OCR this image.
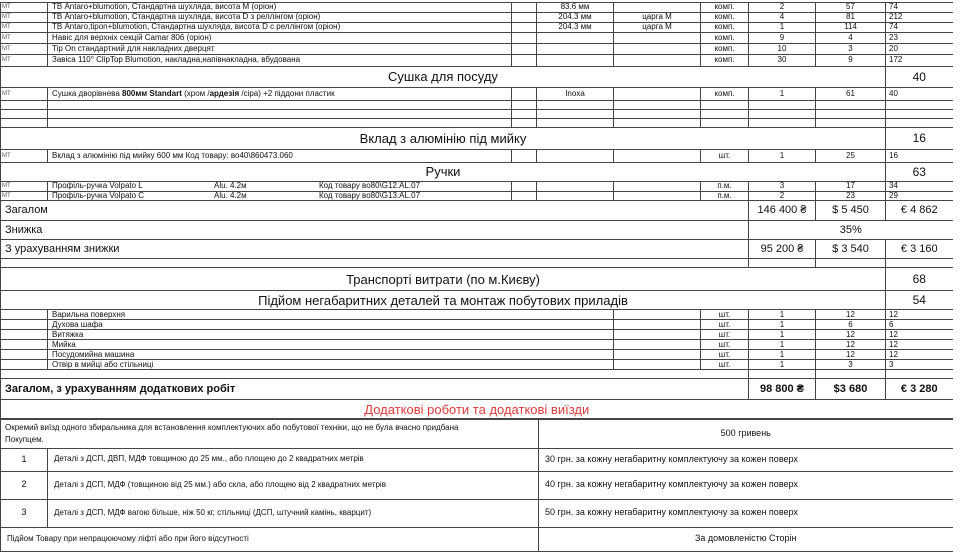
МТ	ТВ Antaro+blumotion, Стандартна шухляда, висота М (оріон)		83.6 мм		комп.	2	57	74
МТ	ТВ Antaro+blumotion, Стандартна шухляда, висота D з реллінгом (оріон)		204.3 мм	царга М	комп.	4	81	212
МТ	ТВ Antaro,tipon+blumotion, Стандартна шухляда, висота D с реллінгом (оріон)		204.3 мм	царга М	комп.	1	114	74
МТ	Навіс для верхніх секцій Camar 806 (оріон)				комп.	9	4	23
МТ	Tip On стандартний для накладних дверцят				комп.	10	3	20
МТ	Завіса 110° ClipTop Blumotion, накладна,напівнакладна, вбудована				комп.	30	9	172
Сушка для посуду								40
МТ	Сушка дворівнева 800мм Standart (хром /ардезія /сіра) +2 піддони пластик		Inoxa		комп.	1	61	40

Вклад з алюмінію під мийку								16
МТ	Вклад з алюмінію під мийку 600 мм Код товару: во40\860473.060				шт.	1	25	16
Ручки								63
МТ	Профіль-ручка Volpato L Alu. 4.2м Код товару во80\G12.AL.07				п.м.	3	17	34
МТ	Профіль-ручка Volpato C Alu. 4.2м Код товару во80\G13.AL.07				п.м.	2	23	29
Загалом						146 400 ₴	$ 5 450	€ 4 862
Знижка						35%		
З урахуванням знижки						95 200 ₴	$ 3 540	€ 3 160

Транспорті витрати (по м.Києву)								68
Підйом негабаритних деталей та монтаж побутових приладів								54
	Варильна поверхня				шт.	1	12	12
	Духова шафа				шт.	1	6	6
	Витяжка				шт.	1	12	12
	Мийка				шт.	1	12	12
	Посудомийна машина				шт.	1	12	12
	Отвір в мийці або стільниці				шт.	1	3	3

Загалом, з урахуванням додаткових робіт						98 800 ₴	$3 680	€ 3 280
Додаткові роботи та додаткові виїзди								
Окремий виїзд одного збиральника для встановлення комплектуючих або побутової техніки, що не була вчасно придбана Покупцем.		500 гривень
1	Деталі з ДСП, ДВП, МДФ товщиною до 25 мм., або площею до 2 квадратних метрів	30 грн. за кожну негабаритну комплектуючу за кожен поверх
2	Деталі з ДСП, МДФ (товщиною від 25 мм.) або скла, або площею від 2 квадратних метрів	40 грн. за кожну негабаритну комплектуючу за кожен поверх
3	Деталі з ДСП, МДФ вагою більше, ніж 50 кг, стільниці (ДСП, штучний камінь, кварцит)	50 грн. за кожну негабаритну комплектуючу за кожен поверх
Підйом Товару при непрацюючому ліфті або при його відсутності		За домовленістю Сторін
